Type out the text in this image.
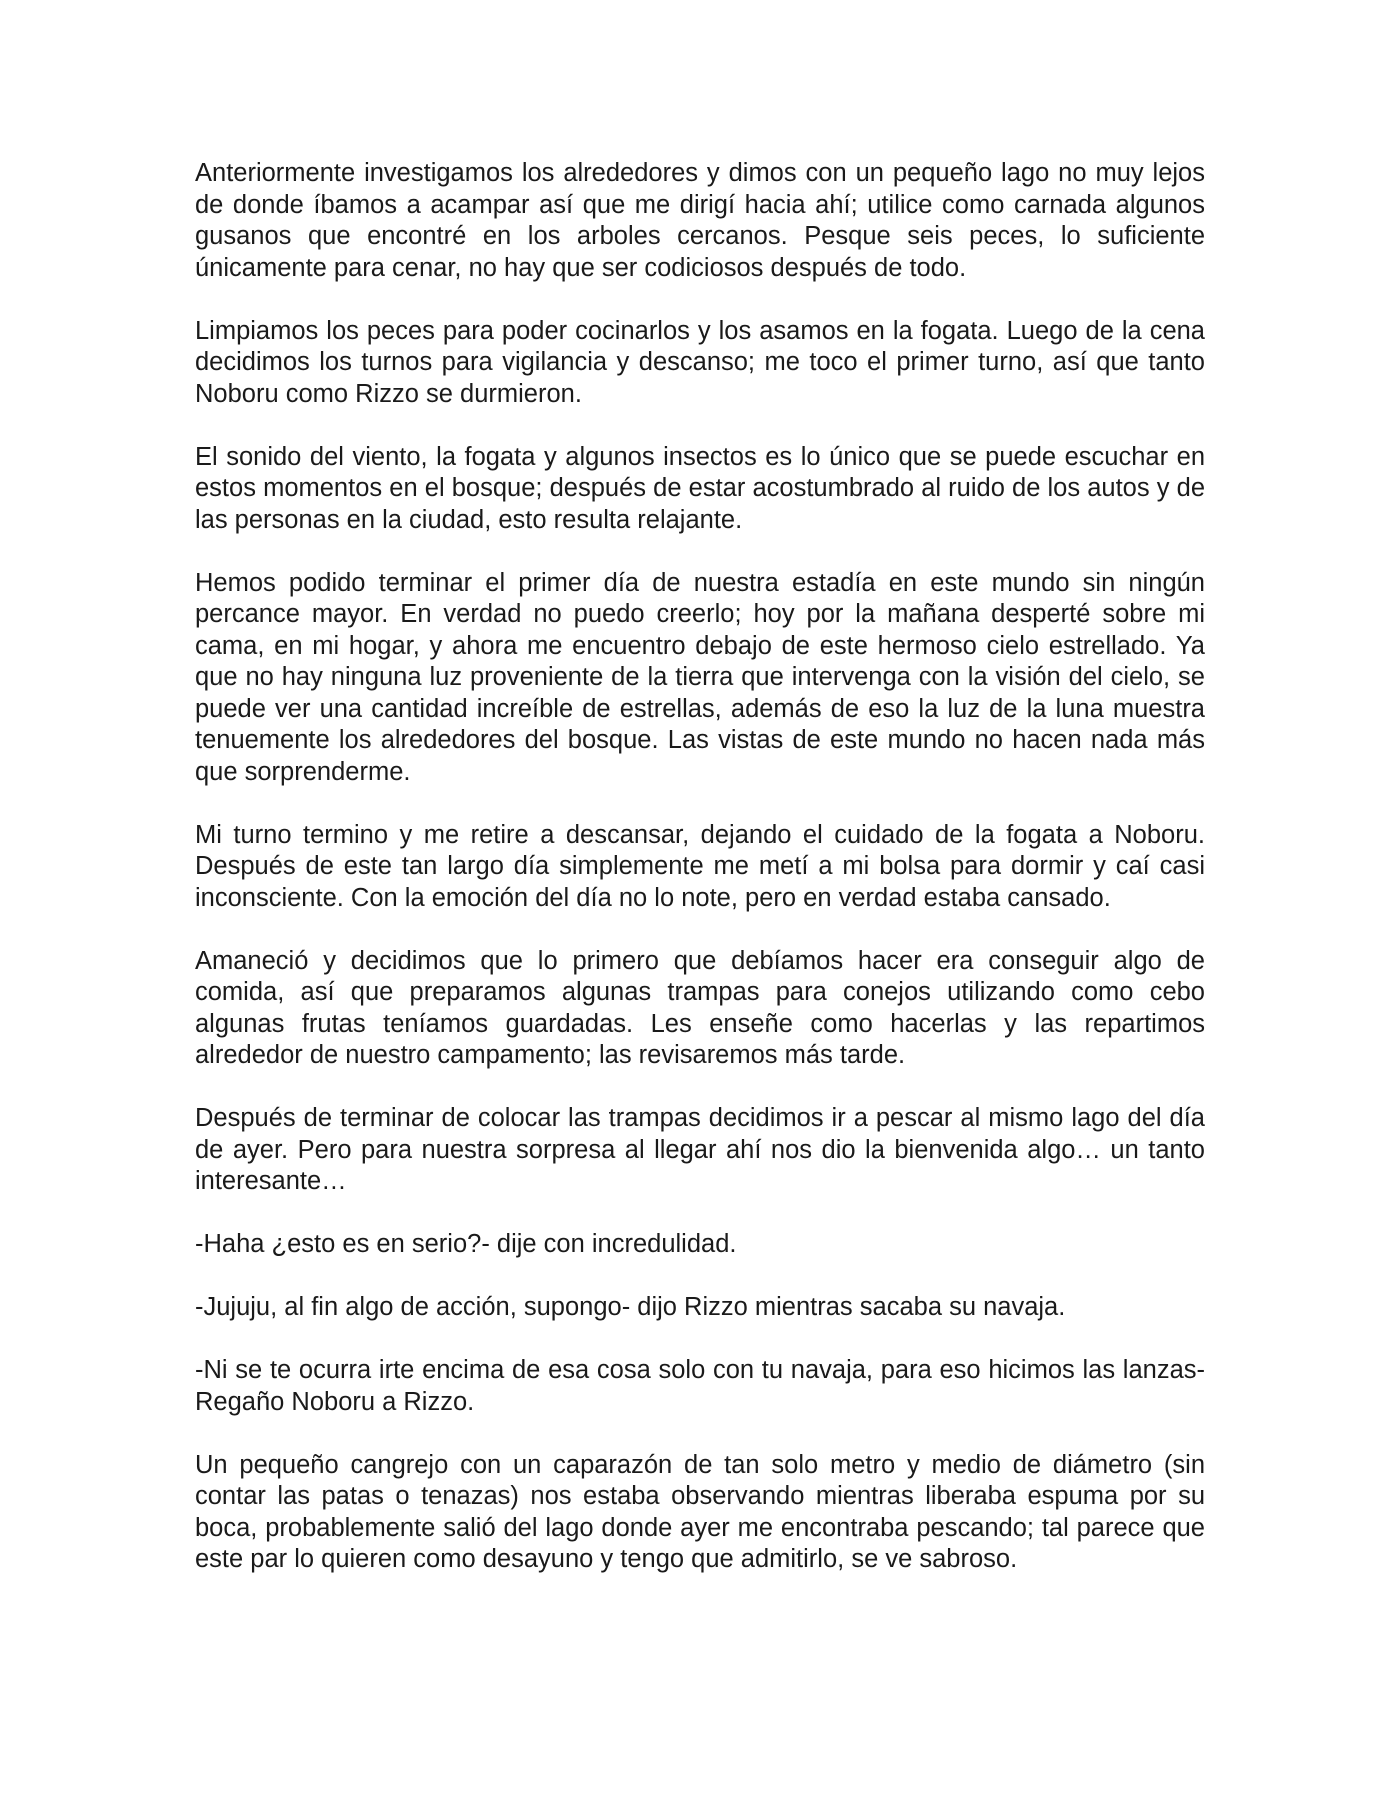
Anteriormente investigamos los alrededores y dimos con un pequeño lago no muy lejos de donde íbamos a acampar así que me dirigí hacia ahí; utilice como carnada algunos gusanos que encontré en los arboles cercanos. Pesque seis peces, lo suficiente únicamente para cenar, no hay que ser codiciosos después de todo.

Limpiamos los peces para poder cocinarlos y los asamos en la fogata. Luego de la cena decidimos los turnos para vigilancia y descanso; me toco el primer turno, así que tanto Noboru como Rizzo se durmieron.

El sonido del viento, la fogata y algunos insectos es lo único que se puede escuchar en estos momentos en el bosque; después de estar acostumbrado al ruido de los autos y de las personas en la ciudad, esto resulta relajante.

Hemos podido terminar el primer día de nuestra estadía en este mundo sin ningún percance mayor. En verdad no puedo creerlo; hoy por la mañana desperté sobre mi cama, en mi hogar, y ahora me encuentro debajo de este hermoso cielo estrellado. Ya que no hay ninguna luz proveniente de la tierra que intervenga con la visión del cielo, se puede ver una cantidad increíble de estrellas, además de eso la luz de la luna muestra tenuemente los alrededores del bosque. Las vistas de este mundo no hacen nada más que sorprenderme.

Mi turno termino y me retire a descansar, dejando el cuidado de la fogata a Noboru. Después de este tan largo día simplemente me metí a mi bolsa para dormir y caí casi inconsciente. Con la emoción del día no lo note, pero en verdad estaba cansado.

Amaneció y decidimos que lo primero que debíamos hacer era conseguir algo de comida, así que preparamos algunas trampas para conejos utilizando como cebo algunas frutas teníamos guardadas. Les enseñe como hacerlas y las repartimos alrededor de nuestro campamento; las revisaremos más tarde.

Después de terminar de colocar las trampas decidimos ir a pescar al mismo lago del día de ayer. Pero para nuestra sorpresa al llegar ahí nos dio la bienvenida algo… un tanto interesante…

-Haha ¿esto es en serio?- dije con incredulidad.

-Jujuju, al fin algo de acción, supongo- dijo Rizzo mientras sacaba su navaja.

-Ni se te ocurra irte encima de esa cosa solo con tu navaja, para eso hicimos las lanzas- Regaño Noboru a Rizzo.

Un pequeño cangrejo con un caparazón de tan solo metro y medio de diámetro (sin contar las patas o tenazas) nos estaba observando mientras liberaba espuma por su boca, probablemente salió del lago donde ayer me encontraba pescando; tal parece que este par lo quieren como desayuno y tengo que admitirlo, se ve sabroso.
